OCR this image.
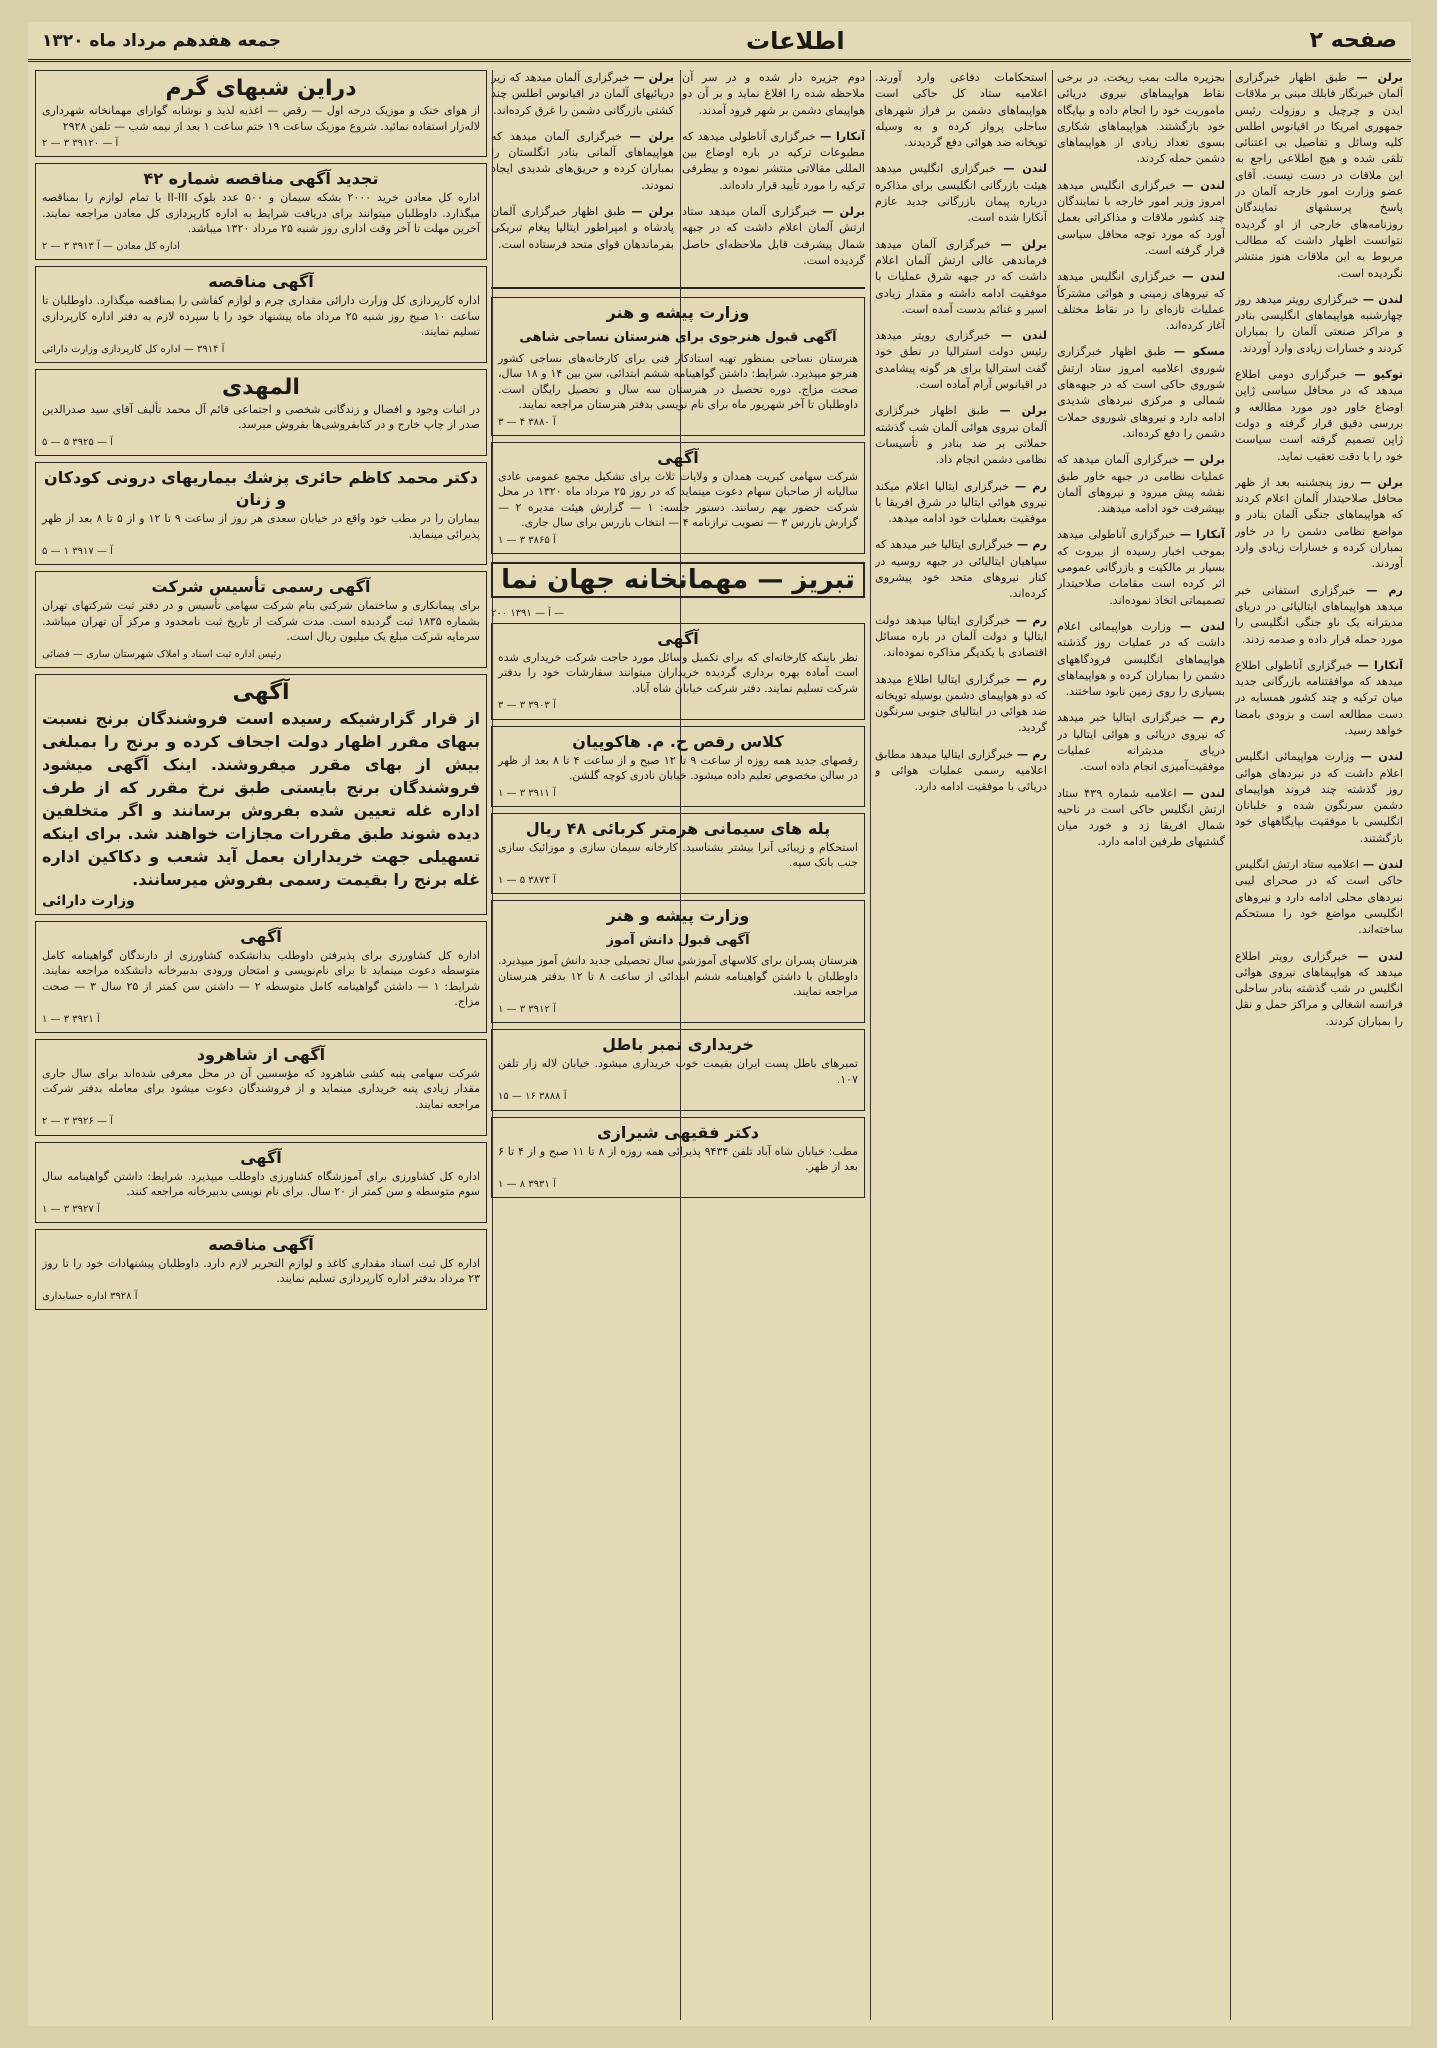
صفحه ۲
اطلاعات
جمعه هفدهم مرداد ماه ۱۳۲۰
برلن — طبق اظهار خبرگزاری آلمان خبرنگار فابلك مبنی بر ملاقات ایدن و چرچیل و روزولت رئیس جمهوری امریکا در اقیانوس اطلس کلیه وسائل و تفاصیل بی اعتنائی تلقی شده و هیچ اطلاعی راجع به این ملاقات در دست نیست. آقای عضو وزارت امور خارجه آلمان در پاسخ پرسشهای نمایندگان روزنامه‌های خارجی از او گردیده نتوانست اظهار داشت که مطالب مربوط به این ملاقات هنوز منتشر نگردیده است.
لندن — خبرگزاری رویتر میدهد روز چهارشنبه هواپیماهای انگلیسی بنادر و مراکز صنعتی آلمان را بمباران کردند و خسارات زیادی وارد آوردند.
توکیو — خبرگزاری دومی اطلاع میدهد که در محافل سیاسی ژاپن اوضاع خاور دور مورد مطالعه و بررسی دقیق قرار گرفته و دولت ژاپن تصمیم گرفته است سیاست خود را با دقت تعقیب نماید.
برلن — روز پنجشنبه بعد از ظهر محافل صلاحیتدار آلمان اعلام کردند که هواپیماهای جنگی آلمان بنادر و مواضع نظامی دشمن را در خاور بمباران کرده و خسارات زیادی وارد آوردند.
رم — خبرگزاری استفانی خبر میدهد هواپیماهای ایتالیائی در دریای مدیترانه یک ناو جنگی انگلیسی را مورد حمله قرار داده و صدمه زدند.
آنکارا — خبرگزاری آناطولی اطلاع میدهد که موافقتنامه بازرگانی جدید میان ترکیه و چند کشور همسایه در دست مطالعه است و بزودی بامضا خواهد رسید.
لندن — وزارت هواپیمائی انگلیس اعلام داشت که در نبردهای هوائی روز گذشته چند فروند هواپیمای دشمن سرنگون شده و خلبانان انگلیسی با موفقیت بپایگاههای خود بازگشتند.
لندن — اعلامیه ستاد ارتش انگلیس حاکی است که در صحرای لیبی نبردهای محلی ادامه دارد و نیروهای انگلیسی مواضع خود را مستحکم ساخته‌اند.
لندن — خبرگزاری رویتر اطلاع میدهد که هواپیماهای نیروی هوائی انگلیس در شب گذشته بنادر ساحلی فرانسه اشغالی و مراکز حمل و نقل را بمباران کردند.
بجزیره مالت بمب ریخت. در برخی نقاط هواپیماهای نیروی دریائی ماموریت خود را انجام داده و بپایگاه خود بازگشتند. هواپیماهای شکاری بسوی تعداد زیادی از هواپیماهای دشمن حمله کردند.
لندن — خبرگزاری انگلیس میدهد امروز وزیر امور خارجه با نمایندگان چند کشور ملاقات و مذاکراتی بعمل آورد که مورد توجه محافل سیاسی قرار گرفته است.
لندن — خبرگزاری انگلیس میدهد که نیروهای زمینی و هوائی مشترکاً عملیات تازه‌ای را در نقاط مختلف آغاز کرده‌اند.
مسکو — طبق اظهار خبرگزاری شوروی اعلامیه امروز ستاد ارتش شوروی حاکی است که در جبهه‌های شمالی و مرکزی نبردهای شدیدی ادامه دارد و نیروهای شوروی حملات دشمن را دفع کرده‌اند.
برلن — خبرگزاری آلمان میدهد که عملیات نظامی در جبهه خاور طبق نقشه پیش میرود و نیروهای آلمان بپیشرفت خود ادامه میدهند.
آنکارا — خبرگزاری آناطولی میدهد بموجب اخبار رسیده از بیروت که بسیار بر مالکیت و بازرگانی عمومی اثر کرده است مقامات صلاحیتدار تصمیماتی اتخاذ نموده‌اند.
لندن — وزارت هواپیمائی اعلام داشت که در عملیات روز گذشته هواپیماهای انگلیسی فرودگاههای دشمن را بمباران کرده و هواپیماهای بسیاری را روی زمین نابود ساختند.
رم — خبرگزاری ایتالیا خبر میدهد که نیروی دریائی و هوائی ایتالیا در دریای مدیترانه عملیات موفقیت‌آمیزی انجام داده است.
لندن — اعلامیه شماره ۴۳۹ ستاد ارتش انگلیس حاکی است در ناحیه شمال افریقا زد و خورد میان گشتیهای طرفین ادامه دارد.
استحکامات دفاعی وارد آورند. اعلامیه ستاد کل حاکی است هواپیماهای دشمن بر فراز شهرهای ساحلی پرواز کرده و به وسیله توپخانه ضد هوائی دفع گردیدند.
لندن — خبرگزاری انگلیس میدهد هیئت بازرگانی انگلیسی برای مذاکره درباره پیمان بازرگانی جدید عازم آنکارا شده است.
برلن — خبرگزاری آلمان میدهد فرماندهی عالی ارتش آلمان اعلام داشت که در جبهه شرق عملیات با موفقیت ادامه داشته و مقدار زیادی اسیر و غنائم بدست آمده است.
لندن — خبرگزاری رویتر میدهد رئیس دولت استرالیا در نطق خود گفت استرالیا برای هر گونه پیشامدی در اقیانوس آرام آماده است.
برلن — طبق اظهار خبرگزاری آلمان نیروی هوائی آلمان شب گذشته حملاتی بر ضد بنادر و تأسیسات نظامی دشمن انجام داد.
رم — خبرگزاری ایتالیا اعلام میکند نیروی هوائی ایتالیا در شرق افریقا با موفقیت بعملیات خود ادامه میدهد.
رم — خبرگزاری ایتالیا خبر میدهد که سپاهیان ایتالیائی در جبهه روسیه در کنار نیروهای متحد خود پیشروی کرده‌اند.
رم — خبرگزاری ایتالیا میدهد دولت ایتالیا و دولت آلمان در باره مسائل اقتصادی با یکدیگر مذاکره نموده‌اند.
رم — خبرگزاری ایتالیا اطلاع میدهد که دو هواپیمای دشمن بوسیله توپخانه ضد هوائی در ایتالیای جنوبی سرنگون گردید.
رم — خبرگزاری ایتالیا میدهد مطابق اعلامیه رسمی عملیات هوائی و دریائی با موفقیت ادامه دارد.
دوم جزیره دار شده و در سر آن ملاحظه شده را افلاغ نماید و بر آن دو هواپیمای دشمن بر شهر فرود آمدند.
آنکارا — خبرگزاری آناطولی میدهد که مطبوعات ترکیه در باره اوضاع بین المللی مقالاتی منتشر نموده و بیطرفی ترکیه را مورد تأیید قرار داده‌اند.
برلن — خبرگزاری آلمان میدهد ستاد ارتش آلمان اعلام داشت که در جبهه شمال پیشرفت قابل ملاحظه‌ای حاصل گردیده است.
برلن — خبرگزاری آلمان میدهد که زیر دریائیهای آلمان در اقیانوس اطلس چند کشتی بازرگانی دشمن را غرق کرده‌اند.
برلن — خبرگزاری آلمان میدهد که هواپیماهای آلمانی بنادر انگلستان را بمباران کرده و حریق‌های شدیدی ایجاد نمودند.
برلن — طبق اظهار خبرگزاری آلمان پادشاه و امپراطور ایتالیا پیغام تبریکی بفرماندهان قوای متحد فرستاده است.
وزارت پیشه و هنر
آگهی قبول هنرجوی برای هنرستان نساجی شاهی
هنرستان نساجی بمنظور تهیه استادکار فنی برای کارخانه‌های نساجی کشور هنرجو میپذیرد. شرایط: داشتن گواهینامه ششم ابتدائی، سن بین ۱۴ و ۱۸ سال، صحت مزاج. دوره تحصیل در هنرستان سه سال و تحصیل رایگان است. داوطلبان تا آخر شهریور ماه برای نام نویسی بدفتر هنرستان مراجعه نمایند.
آ ۳۸۸۰ ۴ — ۳
آگهی
شرکت سهامی کبریت همدان و ولایات ثلاث برای تشکیل مجمع عمومی عادی سالیانه از صاحبان سهام دعوت مینماید که در روز ۲۵ مرداد ماه ۱۳۲۰ در محل شرکت حضور بهم رسانند. دستور جلسه: ۱ — گزارش هیئت مدیره ۲ — گزارش بازرس ۳ — تصویب ترازنامه ۴ — انتخاب بازرس برای سال جاری.
آ ۳۸۶۵ ۳ — ۱
تبریز — مهمانخانه جهان نما
آ — ۱۳۹۱ ۲۰۰ —
آگهی
نظر باینکه کارخانه‌ای که برای تکمیل وسائل مورد حاجت شرکت خریداری شده است آماده بهره برداری گردیده خریداران میتوانند سفارشات خود را بدفتر شرکت تسلیم نمایند. دفتر شرکت خیابان شاه آباد.
آ ۳۹۰۳ ۳ — ۳
کلاس رقص ح. م. هاکوپیان
رقصهای جدید همه روزه از ساعت ۹ تا ۱۲ صبح و از ساعت ۴ تا ۸ بعد از ظهر در سالن مخصوص تعلیم داده میشود. خیابان نادری کوچه گلشن.
آ ۳۹۱۱ ۳ — ۱
پله های سیمانی هرمتر کربائی ۴۸ ریال
استحکام و زیبائی آنرا بیشتر بشناسید. کارخانه سیمان سازی و موزائیک سازی جنب بانک سپه.
آ ۳۸۷۳ ۵ — ۱
وزارت پیشه و هنر
آگهی قبول دانش آموز
هنرستان پسران برای کلاسهای آموزشی سال تحصیلی جدید دانش آموز میپذیرد. داوطلبان با داشتن گواهینامه ششم ابتدائی از ساعت ۸ تا ۱۲ بدفتر هنرستان مراجعه نمایند.
آ ۳۹۱۲ ۳ — ۱
خریداری تمبر باطل
تمبرهای باطل پست ایران بقیمت خوب خریداری میشود. خیابان لاله زار تلفن ۱۰۷.
آ ۳۸۸۸ ۱۶ — ۱۵
دکتر فقیهی شیرازی
مطب: خیابان شاه آباد تلفن ۹۴۳۴ پذیرائی همه روزه از ۸ تا ۱۱ صبح و از ۴ تا ۶ بعد از ظهر.
آ ۳۹۳۱ ۸ — ۱
دراین شبهای گرم
از هوای خنک و موزیک درجه اول — رقص — اغذیه لذیذ و نوشابه گوارای مهمانخانه شهرداری لاله‌زار استفاده نمائید. شروع موزیک ساعت ۱۹ ختم ساعت ۱ بعد از نیمه شب — تلفن ۲۹۲۸
آ — ۳۹۱۲۰ ۳ — ۲
تجدید آگهی مناقصه شماره ۴۲
اداره کل معادن خرید ۲۰۰۰ بشکه سیمان و ۵۰۰ عدد بلوک II-III با تمام لوازم را بمناقصه میگذارد. داوطلبان میتوانند برای دریافت شرایط به اداره کارپردازی کل معادن مراجعه نمایند. آخرین مهلت تا آخر وقت اداری روز شنبه ۲۵ مرداد ۱۳۲۰ میباشد.
اداره کل معادن — آ ۳۹۱۳ ۳ — ۲
آگهی مناقصه
اداره کارپردازی کل وزارت دارائی مقداری چرم و لوازم کفاشی را بمناقصه میگذارد. داوطلبان تا ساعت ۱۰ صبح روز شنبه ۲۵ مرداد ماه پیشنهاد خود را با سپرده لازم به دفتر اداره کارپردازی تسلیم نمایند.
آ ۳۹۱۴ — اداره کل کارپردازی وزارت دارائی
المهدی
در اثبات وجود و افضال و زندگانی شخصی و اجتماعی قائم آل محمد تألیف آقای سید صدرالدین صدر از چاپ خارج و در کتابفروشی‌ها بفروش میرسد.
آ — ۳۹۲۵ ۵ — ۵
دکتر محمد کاظم حائری پزشك بیماریهای درونی کودکان و زنان
بیماران را در مطب خود واقع در خیابان سعدی هر روز از ساعت ۹ تا ۱۲ و از ۵ تا ۸ بعد از ظهر پذیرائی مینماید.
آ — ۳۹۱۷ ۱ — ۵
آگهی رسمی تأسیس شرکت
برای پیمانکاری و ساختمان شرکتی بنام شرکت سهامی تأسیس و در دفتر ثبت شرکتهای تهران بشماره ۱۸۳۵ ثبت گردیده است. مدت شرکت از تاریخ ثبت نامحدود و مرکز آن تهران میباشد. سرمایه شرکت مبلغ یک میلیون ریال است.
رئیس اداره ثبت اسناد و املاک شهرستان ساری — فضائی
آگهی
از قرار گزارشیکه رسیده است فروشندگان برنج نسبت ببهای مقرر اظهار دولت اجحاف کرده و برنج را بمبلغی بیش از بهای مقرر میفروشند. اینک آگهی میشود فروشندگان برنج بایستی طبق نرخ مقرر که از طرف اداره غله تعیین شده بفروش برسانند و اگر متخلفین دیده شوند طبق مقررات مجازات خواهند شد. برای اینکه تسهیلی جهت خریداران بعمل آید شعب و دکاکین اداره غله برنج را بقیمت رسمی بفروش میرسانند.
وزارت دارائی
آگهی
اداره کل کشاورزی برای پذیرفتن داوطلب بدانشکده کشاورزی از دارندگان گواهینامه کامل متوسطه دعوت مینماید تا برای نام‌نویسی و امتحان ورودی بدبیرخانه دانشکده مراجعه نمایند. شرایط: ۱ — داشتن گواهینامه کامل متوسطه ۲ — داشتن سن کمتر از ۲۵ سال ۳ — صحت مزاج.
آ ۳۹۲۱ ۳ — ۱
آگهی از شاهرود
شرکت سهامی پنبه کشی شاهرود که مؤسسین آن در محل معرفی شده‌اند برای سال جاری مقدار زیادی پنبه خریداری مینماید و از فروشندگان دعوت میشود برای معامله بدفتر شرکت مراجعه نمایند.
آ — ۳۹۲۶ ۳ — ۲
آگهی
اداره کل کشاورزی برای آموزشگاه کشاورزی داوطلب میپذیرد. شرایط: داشتن گواهینامه سال سوم متوسطه و سن کمتر از ۲۰ سال. برای نام نویسی بدبیرخانه مراجعه کنند.
آ ۳۹۲۷ ۳ — ۱
آگهی مناقصه
اداره کل ثبت اسناد مقداری کاغذ و لوازم التحریر لازم دارد. داوطلبان پیشنهادات خود را تا روز ۲۳ مرداد بدفتر اداره کارپردازی تسلیم نمایند.
آ ۳۹۲۸ اداره حسابداری
